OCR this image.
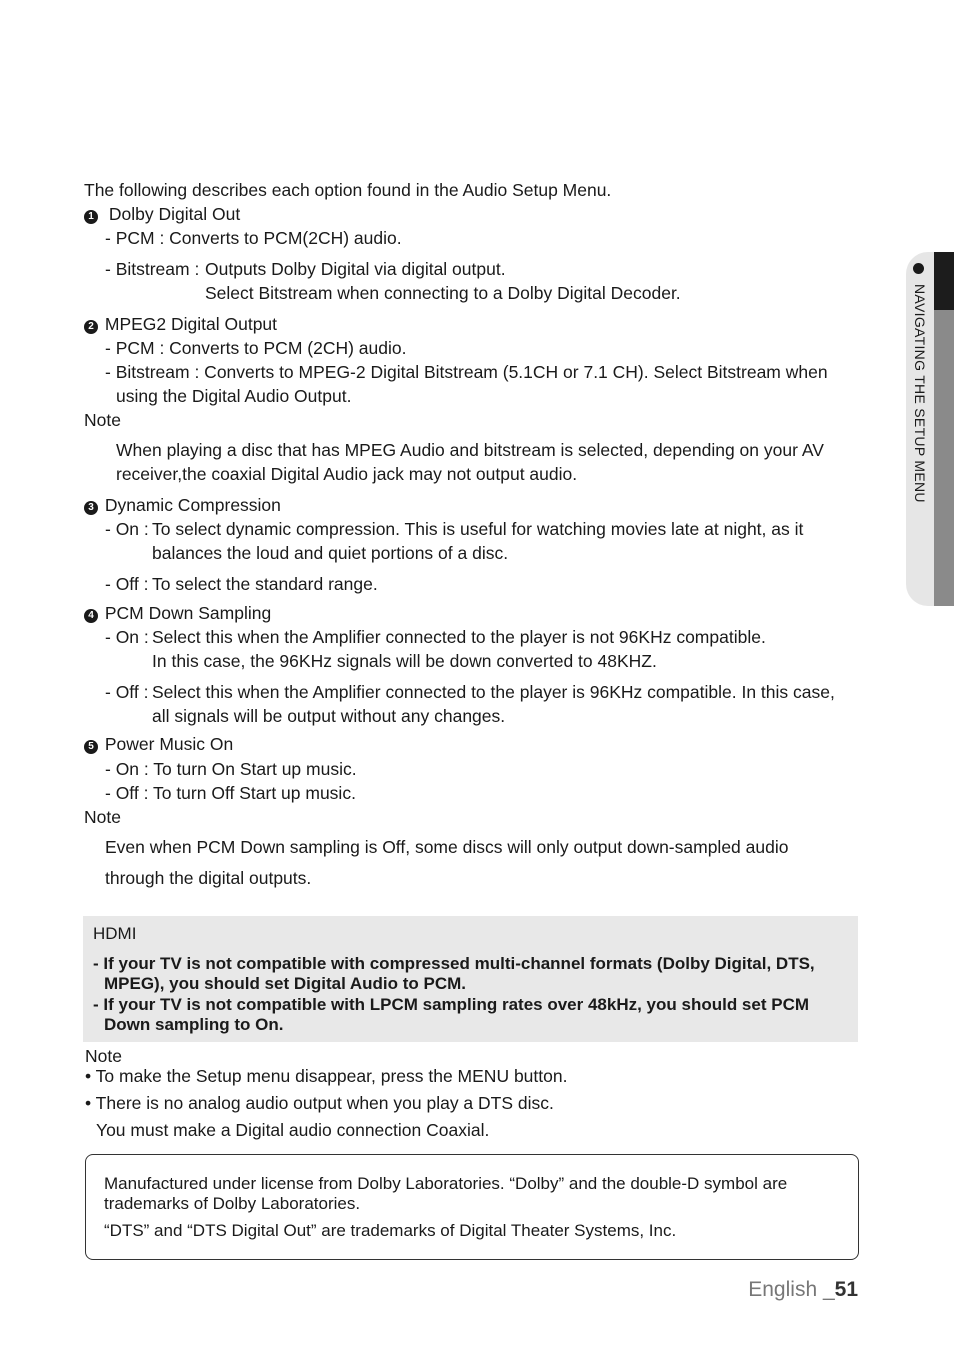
NAVIGATING THE SETUP MENU
The following describes each option found in the Audio Setup Menu.
1 Dolby Digital Out
- PCM : Converts to PCM(2CH) audio.
- Bitstream : Outputs Dolby Digital via digital output.
Select Bitstream when connecting to a Dolby Digital Decoder.
2 MPEG2 Digital Output
- PCM : Converts to PCM (2CH) audio.
- Bitstream : Converts to MPEG-2 Digital Bitstream (5.1CH or 7.1 CH). Select Bitstream when
using the Digital Audio Output.
Note
When playing a disc that has MPEG Audio and bitstream is selected, depending on your AV
receiver,the coaxial Digital Audio jack may not output audio.
3 Dynamic Compression
- On : To select dynamic compression. This is useful for watching movies late at night, as it
balances the loud and quiet portions of a disc.
- Off : To select the standard range.
4 PCM Down Sampling
- On : Select this when the Amplifier connected to the player is not 96KHz compatible.
In this case, the 96KHz signals will be down converted to 48KHZ.
- Off : Select this when the Amplifier connected to the player is 96KHz compatible. In this case,
all signals will be output without any changes.
5 Power Music On
- On : To turn On Start up music.
- Off : To turn Off Start up music.
Note
Even when PCM Down sampling is Off, some discs will only output down-sampled audio
through the digital outputs.
HDMI
- If your TV is not compatible with compressed multi-channel formats (Dolby Digital, DTS,
MPEG), you should set Digital Audio to PCM.
- If your TV is not compatible with LPCM sampling rates over 48kHz, you should set PCM
Down sampling to On.
Note
• To make the Setup menu disappear, press the MENU button.
• There is no analog audio output when you play a DTS disc.
You must make a Digital audio connection Coaxial.
Manufactured under license from Dolby Laboratories. “Dolby” and the double-D symbol are
trademarks of Dolby Laboratories.
“DTS” and “DTS Digital Out” are trademarks of Digital Theater Systems, Inc.
English _51
